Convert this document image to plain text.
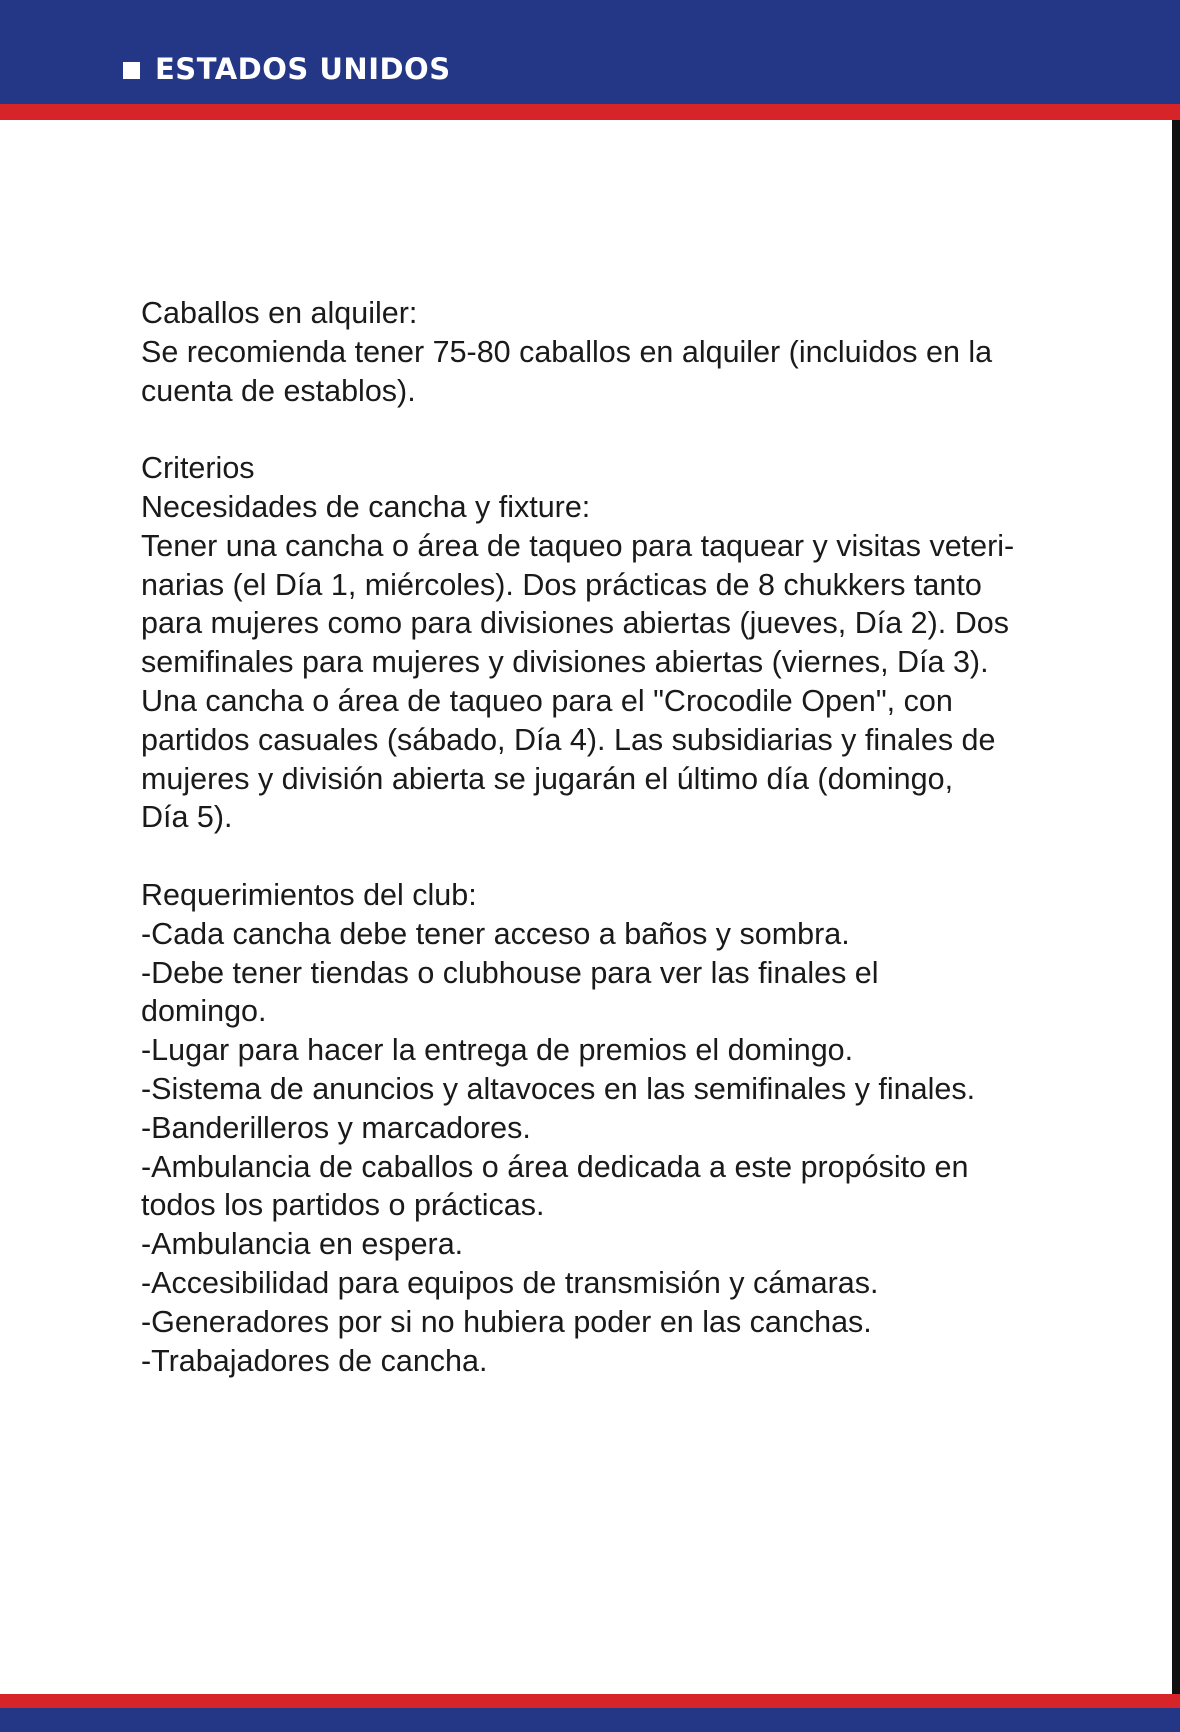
ESTADOS UNIDOS
Caballos en alquiler:
Se recomienda tener 75-80 caballos en alquiler (incluidos en la
cuenta de establos).
Criterios
Necesidades de cancha y fixture:
Tener una cancha o área de taqueo para taquear y visitas veteri-
narias (el Día 1, miércoles). Dos prácticas de 8 chukkers tanto
para mujeres como para divisiones abiertas (jueves, Día 2). Dos
semifinales para mujeres y divisiones abiertas (viernes, Día 3).
Una cancha o área de taqueo para el "Crocodile Open", con
partidos casuales (sábado, Día 4). Las subsidiarias y finales de
mujeres y división abierta se jugarán el último día (domingo,
Día 5).
Requerimientos del club:
-Cada cancha debe tener acceso a baños y sombra.
-Debe tener tiendas o clubhouse para ver las finales el
domingo.
-Lugar para hacer la entrega de premios el domingo.
-Sistema de anuncios y altavoces en las semifinales y finales.
-Banderilleros y marcadores.
-Ambulancia de caballos o área dedicada a este propósito en
todos los partidos o prácticas.
-Ambulancia en espera.
-Accesibilidad para equipos de transmisión y cámaras.
-Generadores por si no hubiera poder en las canchas.
-Trabajadores de cancha.
